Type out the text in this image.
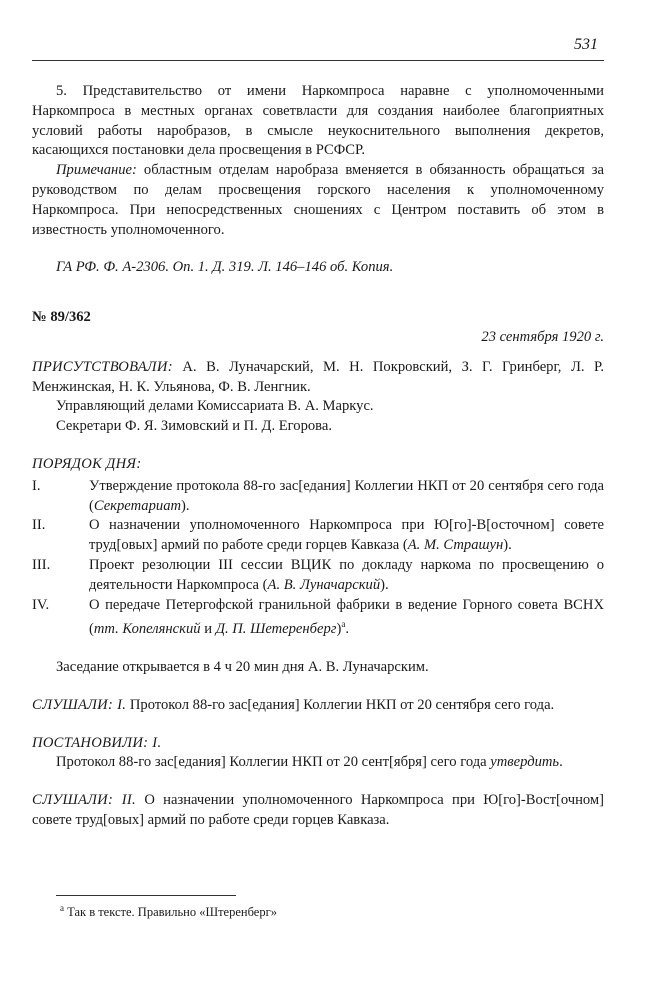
531

5. Представительство от имени Наркомпроса наравне с уполномоченными Наркомпроса в местных органах советвласти для создания наиболее благоприятных условий работы наробразов, в смысле неукоснительного выполнения декретов, касающихся постановки дела просвещения в РСФСР.

Примечание: областным отделам наробраза вменяется в обязанность обращаться за руководством по делам просвещения горского населения к уполномоченному Наркомпроса. При непосредственных сношениях с Центром поставить об этом в известность уполномоченного.

ГА РФ. Ф. А-2306. Оп. 1. Д. 319. Л. 146–146 об. Копия.

№ 89/362

23 сентября 1920 г.

ПРИСУТСТВОВАЛИ: А. В. Луначарский, М. Н. Покровский, З. Г. Гринберг, Л. Р. Менжинская, Н. К. Ульянова, Ф. В. Ленгник.

Управляющий делами Комиссариата В. А. Маркус.

Секретари Ф. Я. Зимовский и П. Д. Егорова.

ПОРЯДОК ДНЯ:

I.	Утверждение протокола 88-го зас[едания] Коллегии НКП от 20 сентября сего года (Секретариат).
II.	О назначении уполномоченного Наркомпроса при Ю[го]-В[осточном] совете труд[овых] армий по работе среди горцев Кавказа (А. М. Страшун).
III.	Проект резолюции III сессии ВЦИК по докладу наркома по просвещению о деятельности Наркомпроса (А. В. Луначарский).
IV.	О передаче Петергофской гранильной фабрики в ведение Горного совета ВСНХ (тт. Копелянский и Д. П. Шетеренберг)$^а$.

Заседание открывается в 4 ч 20 мин дня А. В. Луначарским.

СЛУШАЛИ: I. Протокол 88-го зас[едания] Коллегии НКП от 20 сентября сего года.

ПОСТАНОВИЛИ: I.

Протокол 88-го зас[едания] Коллегии НКП от 20 сент[ября] сего года утвердить.

СЛУШАЛИ: II. О назначении уполномоченного Наркомпроса при Ю[го]-Вост[очном] совете труд[овых] армий по работе среди горцев Кавказа.

$^а$ Так в тексте. Правильно «Штеренберг»
